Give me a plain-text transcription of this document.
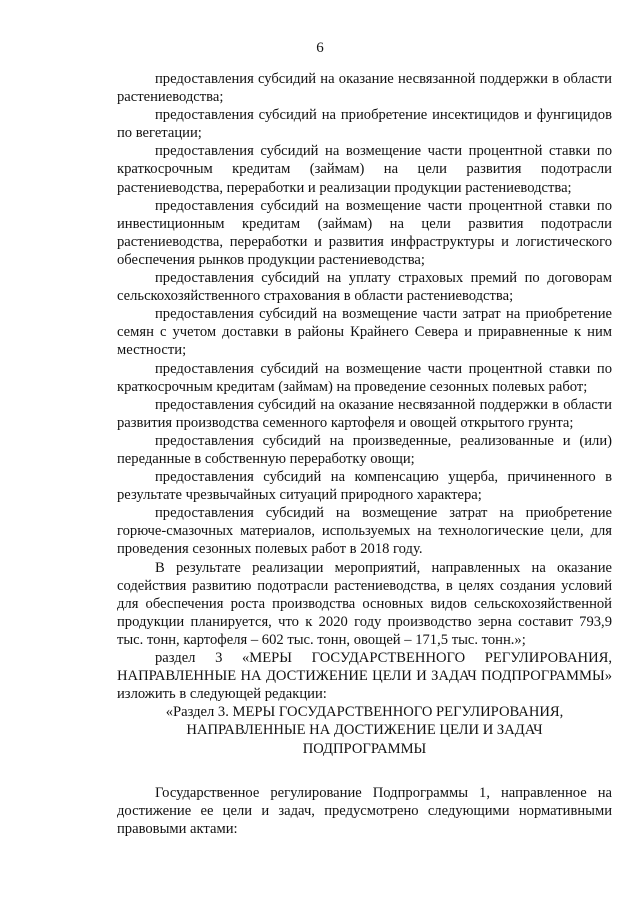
6

предоставления субсидий на оказание несвязанной поддержки в области растениеводства;

предоставления субсидий на приобретение инсектицидов и фунгицидов по вегетации;

предоставления субсидий на возмещение части процентной ставки по краткосрочным кредитам (займам) на цели развития подотрасли растениеводства, переработки и реализации продукции растениеводства;

предоставления субсидий на возмещение части процентной ставки по инвестиционным кредитам (займам) на цели развития подотрасли растениеводства, переработки и развития инфраструктуры и логистического обеспечения рынков продукции растениеводства;

предоставления субсидий на уплату страховых премий по договорам сельскохозяйственного страхования в области растениеводства;

предоставления субсидий на возмещение части затрат на приобретение семян с учетом доставки в районы Крайнего Севера и приравненные к ним местности;

предоставления субсидий на возмещение части процентной ставки по краткосрочным кредитам (займам) на проведение сезонных полевых работ;

предоставления субсидий на оказание несвязанной поддержки в области развития производства семенного картофеля и овощей открытого грунта;

предоставления субсидий на произведенные, реализованные и (или) переданные в собственную переработку овощи;

предоставления субсидий на компенсацию ущерба, причиненного в результате чрезвычайных ситуаций природного характера;

предоставления субсидий на возмещение затрат на приобретение горюче-смазочных материалов, используемых на технологические цели, для проведения сезонных полевых работ в 2018 году.

В результате реализации мероприятий, направленных на оказание содействия развитию подотрасли растениеводства, в целях создания условий для обеспечения роста производства основных видов сельскохозяйственной продукции планируется, что к 2020 году производство зерна составит 793,9 тыс. тонн, картофеля – 602 тыс. тонн, овощей – 171,5 тыс. тонн.»;

раздел 3 «МЕРЫ ГОСУДАРСТВЕННОГО РЕГУЛИРОВАНИЯ, НАПРАВЛЕННЫЕ НА ДОСТИЖЕНИЕ ЦЕЛИ И ЗАДАЧ ПОДПРОГРАММЫ» изложить в следующей редакции:

«Раздел 3. МЕРЫ ГОСУДАРСТВЕННОГО РЕГУЛИРОВАНИЯ,
НАПРАВЛЕННЫЕ НА ДОСТИЖЕНИЕ ЦЕЛИ И ЗАДАЧ
ПОДПРОГРАММЫ

Государственное регулирование Подпрограммы 1, направленное на достижение ее цели и задач, предусмотрено следующими нормативными правовыми актами:
